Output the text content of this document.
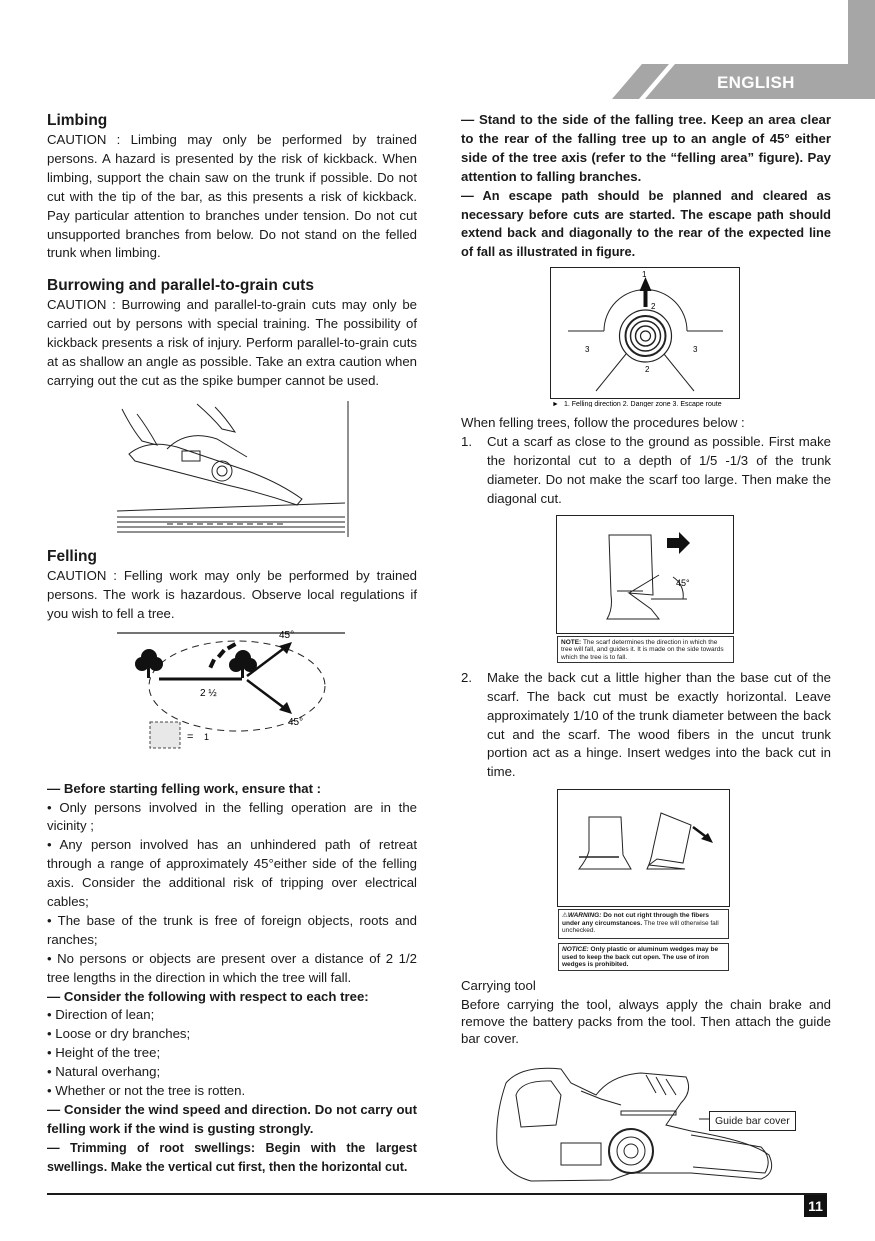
ENGLISH
Limbing

CAUTION : Limbing may only be performed by trained persons. A hazard is presented by the risk of kickback. When limbing, support the chain saw on the trunk if possible. Do not cut with the tip of the bar, as this presents a risk of kickback. Pay particular attention to branches under tension. Do not cut unsupported branches from below. Do not stand on the felled trunk when limbing.

Burrowing and parallel-to-grain cuts

CAUTION : Burrowing and parallel-to-grain cuts may only be carried out by persons with special training. The possibility of kickback presents a risk of injury. Perform parallel-to-grain cuts at as shallow an angle as possible. Take an extra caution when carrying out the cut as the spike bumper cannot be used.

Felling

CAUTION : Felling work may only be performed by trained persons. The work is hazardous. Observe local regulations if you wish to fell a tree.

45°
45°
2 ½
= 1

— Before starting felling work, ensure that :

• Only persons involved in the felling operation are in the vicinity ;

• Any person involved has an unhindered path of retreat through a range of approximately 45°either side of the felling axis. Consider the additional risk of tripping over electrical cables;

• The base of the trunk is free of foreign objects, roots and ranches;

• No persons or objects are present over a distance of 2 1/2 tree lengths in the direction in which the tree will fall.

— Consider the following with respect to each tree:

• Direction of lean;

• Loose or dry branches;

• Height of the tree;

• Natural overhang;

• Whether or not the tree is rotten.

— Consider the wind speed and direction. Do not carry out felling work if the wind is gusting strongly.

— Trimming of root swellings: Begin with the largest swellings. Make the vertical cut first, then the horizontal cut.

— Stand to the side of the falling tree. Keep an area clear to the rear of the falling tree up to an angle of 45° either side of the tree axis (refer to the “felling area” figure). Pay attention to falling branches.

— An escape path should be planned and cleared as necessary before cuts are started. The escape path should extend back and diagonally to the rear of the expected line of fall as illustrated in figure.

1
2
3	3
2
► 1. Felling direction 2. Danger zone 3. Escape route

When felling trees, follow the procedures below :

1. Cut a scarf as close to the ground as possible. First make the horizontal cut to a depth of 1/5 -1/3 of the trunk diameter. Do not make the scarf too large. Then make the diagonal cut.
45°
NOTE: The scarf determines the direction in which the tree will fall, and guides it. It is made on the side towards which the tree is to fall.
2. Make the back cut a little higher than the base cut of the scarf. The back cut must be exactly horizontal. Leave approximately 1/10 of the trunk diameter between the back cut and the scarf. The wood fibers in the uncut trunk portion act as a hinge. Insert wedges into the back cut in time.
⚠WARNING: Do not cut right through the fibers under any circumstances. The tree will otherwise fall unchecked.
NOTICE: Only plastic or aluminum wedges may be used to keep the back cut open. The use of iron wedges is prohibited.

Carrying tool

Before carrying the tool, always apply the chain brake and remove the battery packs from the tool. Then attach the guide bar cover.

Guide bar cover
11
